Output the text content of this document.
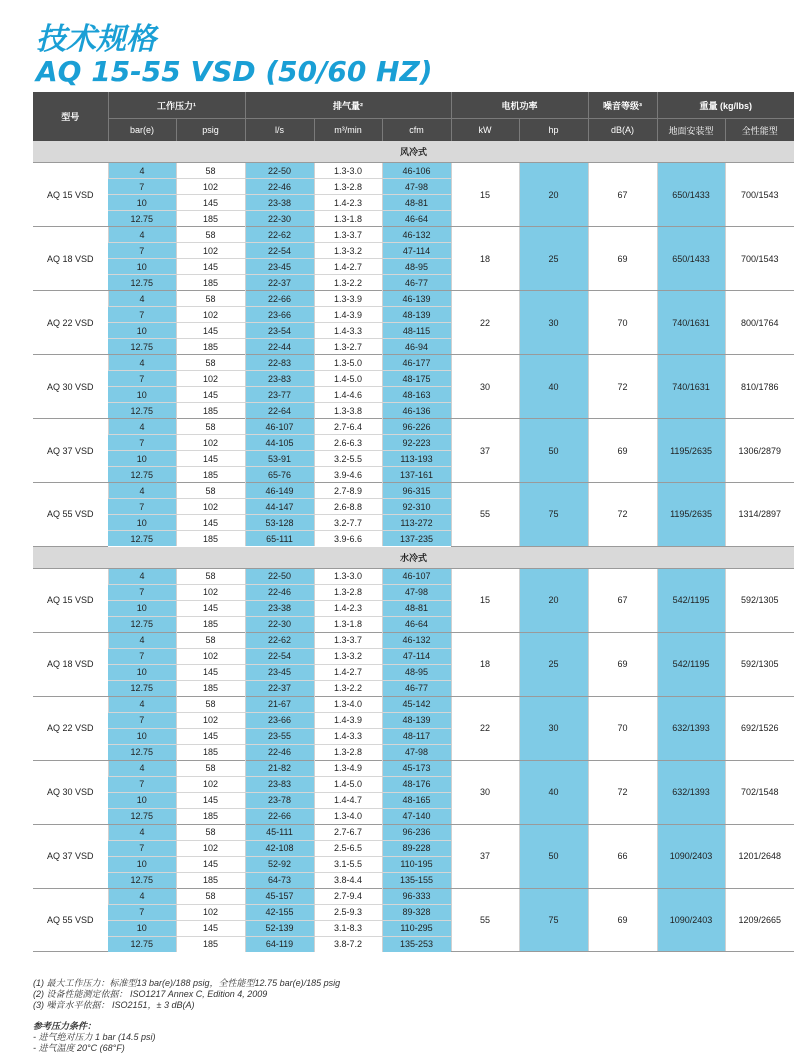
技术规格
AQ 15-55 VSD (50/60 HZ)
型号	工作压力¹		排气量²			电机功率		噪音等级³	重量 (kg/lbs)	
	bar(e)	psig	l/s	m³/min	cfm	kW	hp	dB(A)	地面安装型	全性能型
风冷式										
AQ 15 VSD	4	58	22-50	1.3-3.0	46-106	15	20	67	650/1433	700/1543
	7	102	22-46	1.3-2.8	47-98					
	10	145	23-38	1.4-2.3	48-81					
	12.75	185	22-30	1.3-1.8	46-64					
AQ 18 VSD	4	58	22-62	1.3-3.7	46-132	18	25	69	650/1433	700/1543
	7	102	22-54	1.3-3.2	47-114					
	10	145	23-45	1.4-2.7	48-95					
	12.75	185	22-37	1.3-2.2	46-77					
AQ 22 VSD	4	58	22-66	1.3-3.9	46-139	22	30	70	740/1631	800/1764
	7	102	23-66	1.4-3.9	48-139					
	10	145	23-54	1.4-3.3	48-115					
	12.75	185	22-44	1.3-2.7	46-94					
AQ 30 VSD	4	58	22-83	1.3-5.0	46-177	30	40	72	740/1631	810/1786
	7	102	23-83	1.4-5.0	48-175					
	10	145	23-77	1.4-4.6	48-163					
	12.75	185	22-64	1.3-3.8	46-136					
AQ 37 VSD	4	58	46-107	2.7-6.4	96-226	37	50	69	1195/2635	1306/2879
	7	102	44-105	2.6-6.3	92-223					
	10	145	53-91	3.2-5.5	113-193					
	12.75	185	65-76	3.9-4.6	137-161					
AQ 55 VSD	4	58	46-149	2.7-8.9	96-315	55	75	72	1195/2635	1314/2897
	7	102	44-147	2.6-8.8	92-310					
	10	145	53-128	3.2-7.7	113-272					
	12.75	185	65-111	3.9-6.6	137-235					
水冷式										
AQ 15 VSD	4	58	22-50	1.3-3.0	46-107	15	20	67	542/1195	592/1305
	7	102	22-46	1.3-2.8	47-98					
	10	145	23-38	1.4-2.3	48-81					
	12.75	185	22-30	1.3-1.8	46-64					
AQ 18 VSD	4	58	22-62	1.3-3.7	46-132	18	25	69	542/1195	592/1305
	7	102	22-54	1.3-3.2	47-114					
	10	145	23-45	1.4-2.7	48-95					
	12.75	185	22-37	1.3-2.2	46-77					
AQ 22 VSD	4	58	21-67	1.3-4.0	45-142	22	30	70	632/1393	692/1526
	7	102	23-66	1.4-3.9	48-139					
	10	145	23-55	1.4-3.3	48-117					
	12.75	185	22-46	1.3-2.8	47-98					
AQ 30 VSD	4	58	21-82	1.3-4.9	45-173	30	40	72	632/1393	702/1548
	7	102	23-83	1.4-5.0	48-176					
	10	145	23-78	1.4-4.7	48-165					
	12.75	185	22-66	1.3-4.0	47-140					
AQ 37 VSD	4	58	45-111	2.7-6.7	96-236	37	50	66	1090/2403	1201/2648
	7	102	42-108	2.5-6.5	89-228					
	10	145	52-92	3.1-5.5	110-195					
	12.75	185	64-73	3.8-4.4	135-155					
AQ 55 VSD	4	58	45-157	2.7-9.4	96-333	55	75	69	1090/2403	1209/2665
	7	102	42-155	2.5-9.3	89-328					
	10	145	52-139	3.1-8.3	110-295					
	12.75	185	64-119	3.8-7.2	135-253					

(1) 最大工作压力：标准型13 bar(e)/188 psig，全性能型12.75 bar(e)/185 psig

(2) 设备性能测定依据： ISO1217 Annex C, Edition 4, 2009

(3) 噪音水平依据： ISO2151，± 3 dB(A)

参考压力条件：

- 进气绝对压力 1 bar (14.5 psi)

- 进气温度 20°C (68°F)
